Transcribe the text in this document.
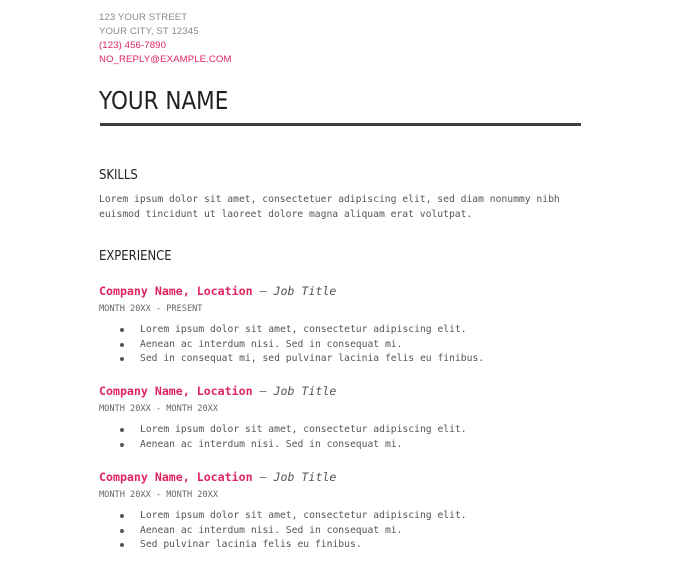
123 YOUR STREET
YOUR CITY, ST 12345
(123) 456-7890
NO_REPLY@EXAMPLE.COM
YOUR NAME
SKILLS

Lorem ipsum dolor sit amet, consectetuer adipiscing elit, sed diam nonummy nibh euismod tincidunt ut laoreet dolore magna aliquam erat volutpat.

EXPERIENCE
Company Name, Location — Job Title
MONTH 20XX - PRESENT
Lorem ipsum dolor sit amet, consectetur adipiscing elit.
Aenean ac interdum nisi. Sed in consequat mi.
Sed in consequat mi, sed pulvinar lacinia felis eu finibus.
Company Name, Location — Job Title
MONTH 20XX - MONTH 20XX
Lorem ipsum dolor sit amet, consectetur adipiscing elit.
Aenean ac interdum nisi. Sed in consequat mi.
Company Name, Location — Job Title
MONTH 20XX - MONTH 20XX
Lorem ipsum dolor sit amet, consectetur adipiscing elit.
Aenean ac interdum nisi. Sed in consequat mi.
Sed pulvinar lacinia felis eu finibus.
